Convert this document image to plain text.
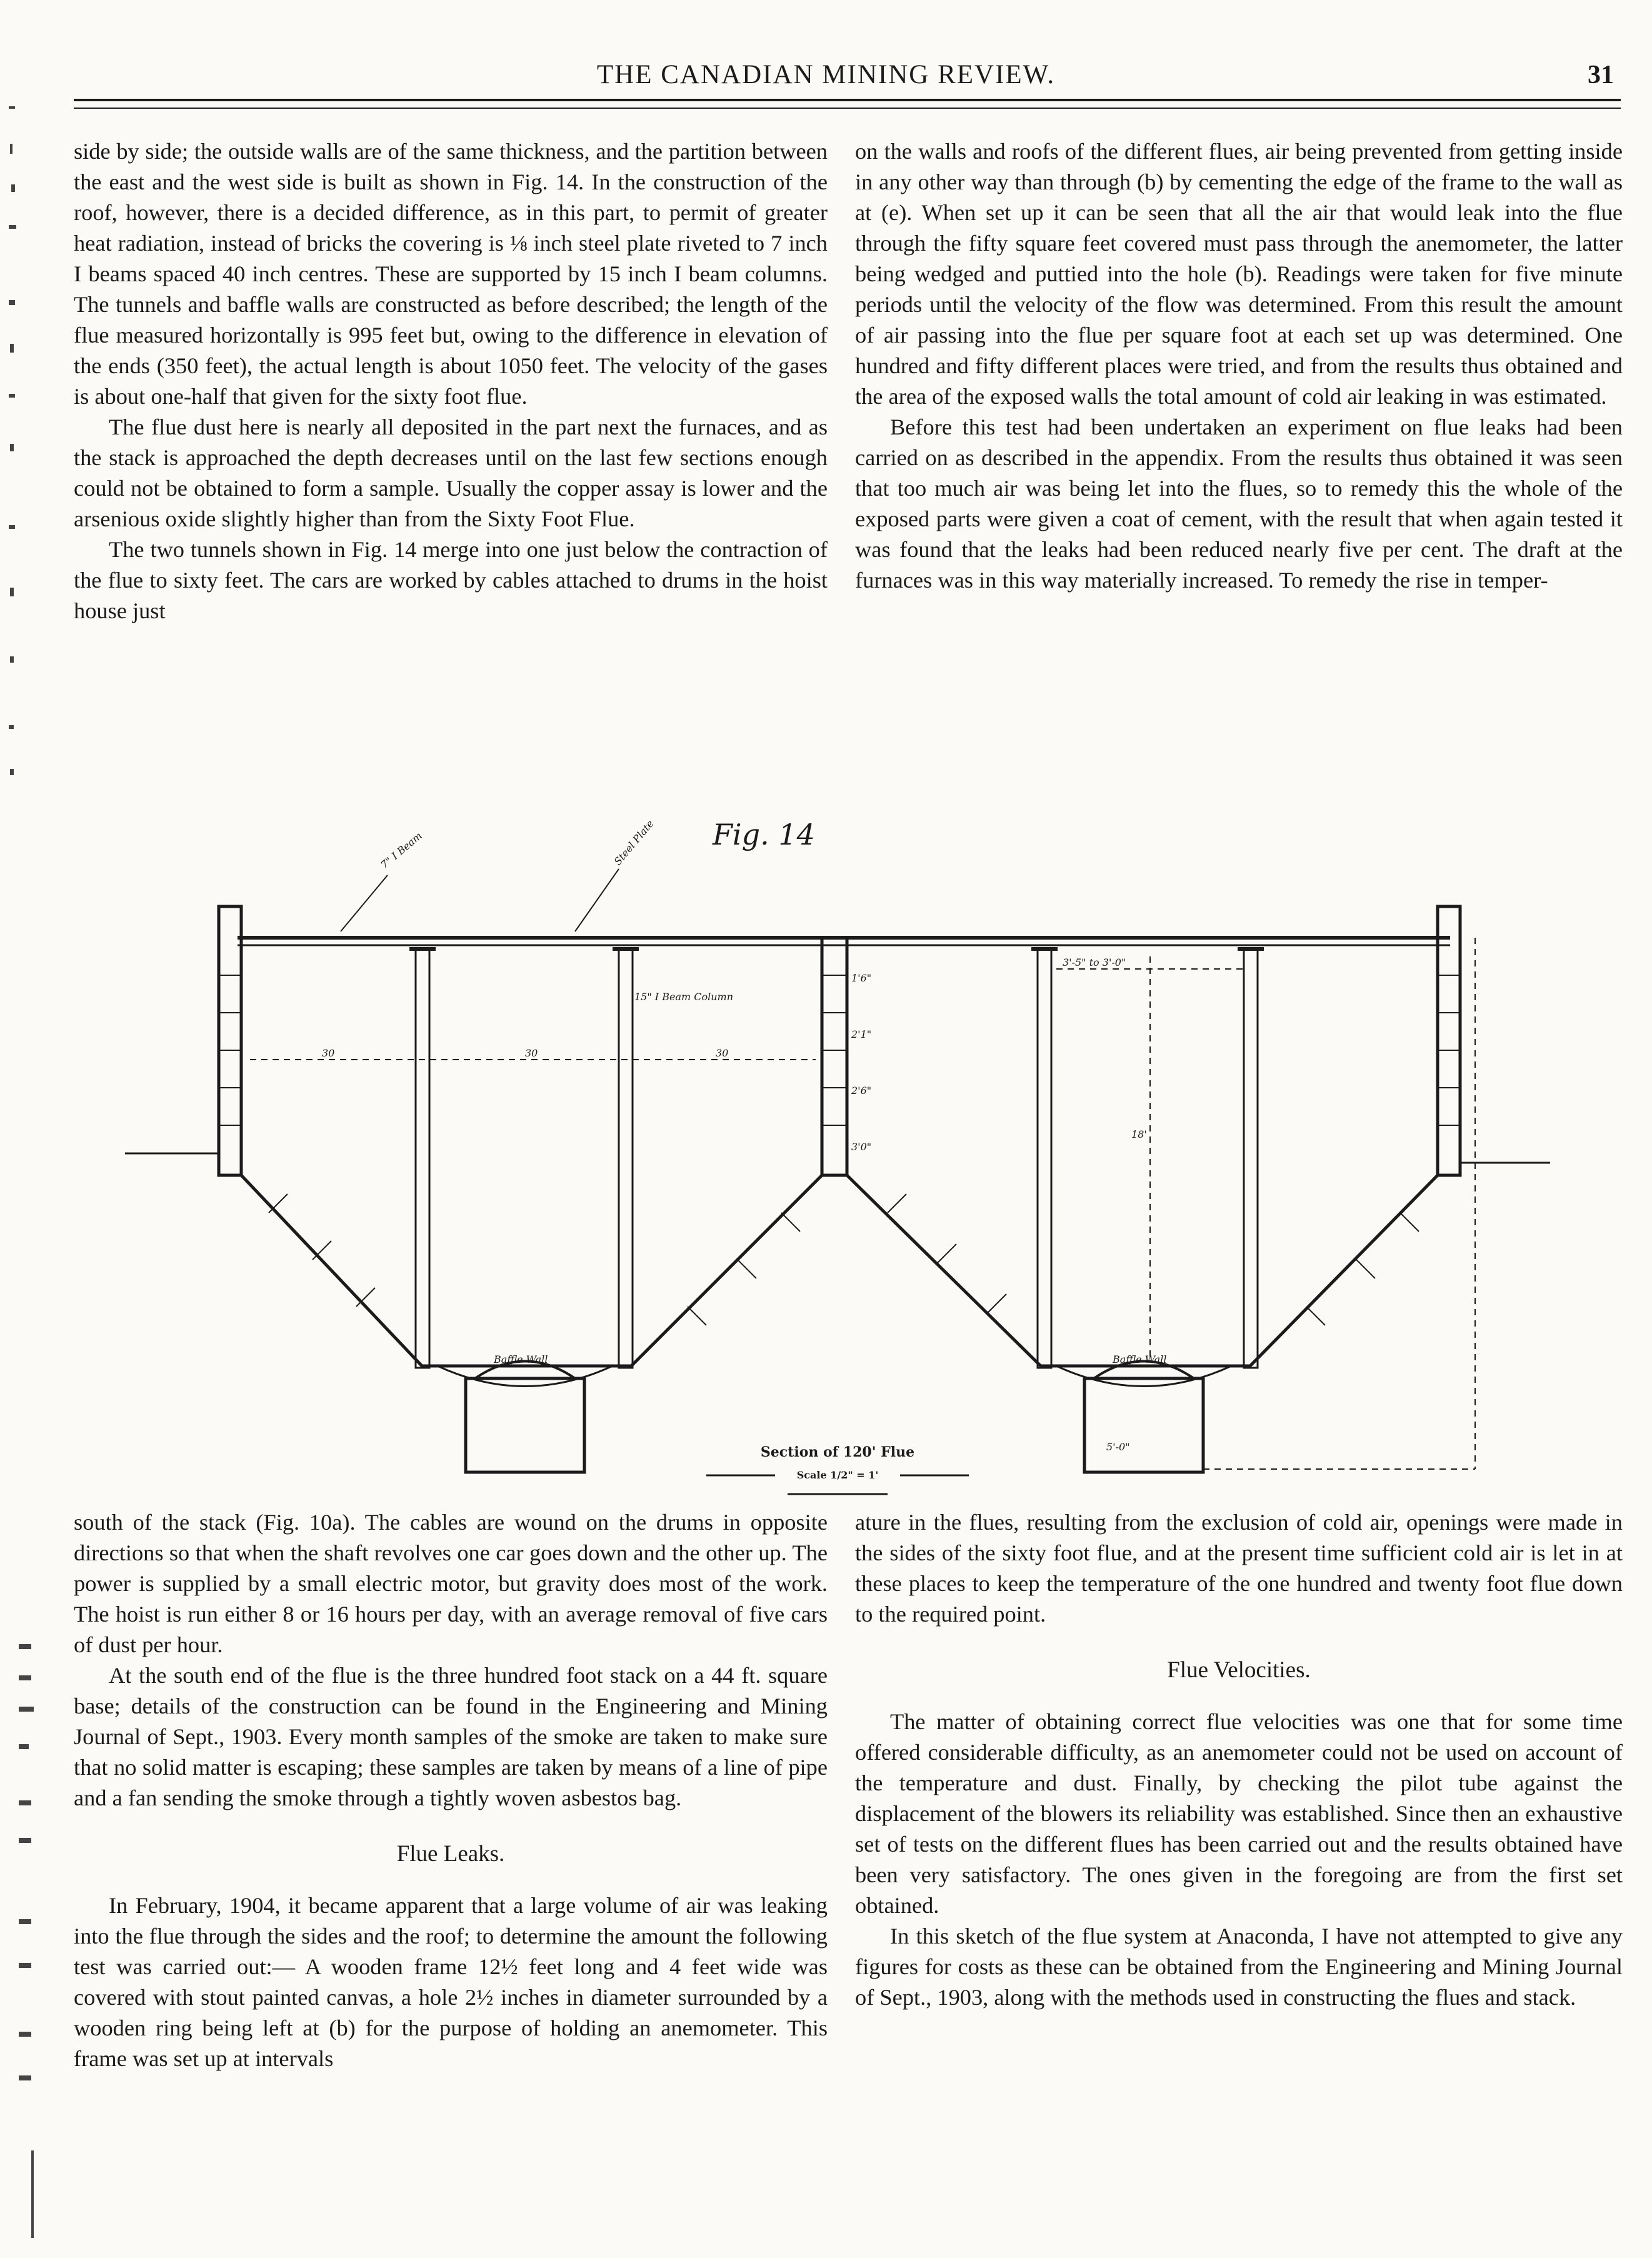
THE CANADIAN MINING REVIEW.	31

side by side; the outside walls are of the same thickness, and the partition between the east and the west side is built as shown in Fig. 14. In the construction of the roof, however, there is a decided difference, as in this part, to permit of greater heat radiation, instead of bricks the covering is ⅛ inch steel plate riveted to 7 inch I beams spaced 40 inch centres. These are supported by 15 inch I beam columns. The tunnels and baffle walls are constructed as before described; the length of the flue measured horizontally is 995 feet but, owing to the difference in elevation of the ends (350 feet), the actual length is about 1050 feet. The velocity of the gases is about one-half that given for the sixty foot flue.

The flue dust here is nearly all deposited in the part next the furnaces, and as the stack is approached the depth decreases until on the last few sections enough could not be obtained to form a sample. Usually the copper assay is lower and the arsenious oxide slightly higher than from the Sixty Foot Flue.

The two tunnels shown in Fig. 14 merge into one just below the contraction of the flue to sixty feet. The cars are worked by cables attached to drums in the hoist house just

on the walls and roofs of the different flues, air being prevented from getting inside in any other way than through (b) by cementing the edge of the frame to the wall as at (e). When set up it can be seen that all the air that would leak into the flue through the fifty square feet covered must pass through the anemometer, the latter being wedged and puttied into the hole (b). Readings were taken for five minute periods until the velocity of the flow was determined. From this result the amount of air passing into the flue per square foot at each set up was determined. One hundred and fifty different places were tried, and from the results thus obtained and the area of the exposed walls the total amount of cold air leaking in was estimated.

Before this test had been undertaken an experiment on flue leaks had been carried on as described in the appendix. From the results thus obtained it was seen that too much air was being let into the flues, so to remedy this the whole of the exposed parts were given a coat of cement, with the result that when again tested it was found that the leaks had been reduced nearly five per cent. The draft at the furnaces was in this way materially increased. To remedy the rise in temper-

Fig. 14
7" I Beam	Steel Plate
15" I Beam Column
30	30	30
1'6"
2'1"
2'6"
3'0"
18'
Baffle Wall	Baffle Wall
3'-5" to 3'-0"
5'-0"
Section of 120' Flue
Scale 1/2" = 1'

south of the stack (Fig. 10a). The cables are wound on the drums in opposite directions so that when the shaft revolves one car goes down and the other up. The power is supplied by a small electric motor, but gravity does most of the work. The hoist is run either 8 or 16 hours per day, with an average removal of five cars of dust per hour.

At the south end of the flue is the three hundred foot stack on a 44 ft. square base; details of the construction can be found in the Engineering and Mining Journal of Sept., 1903. Every month samples of the smoke are taken to make sure that no solid matter is escaping; these samples are taken by means of a line of pipe and a fan sending the smoke through a tightly woven asbestos bag.

Flue Leaks.

In February, 1904, it became apparent that a large volume of air was leaking into the flue through the sides and the roof; to determine the amount the following test was carried out:— A wooden frame 12½ feet long and 4 feet wide was covered with stout painted canvas, a hole 2½ inches in diameter surrounded by a wooden ring being left at (b) for the purpose of holding an anemometer. This frame was set up at intervals

ature in the flues, resulting from the exclusion of cold air, openings were made in the sides of the sixty foot flue, and at the present time sufficient cold air is let in at these places to keep the temperature of the one hundred and twenty foot flue down to the required point.

Flue Velocities.

The matter of obtaining correct flue velocities was one that for some time offered considerable difficulty, as an anemometer could not be used on account of the temperature and dust. Finally, by checking the pilot tube against the displacement of the blowers its reliability was established. Since then an exhaustive set of tests on the different flues has been carried out and the results obtained have been very satisfactory. The ones given in the foregoing are from the first set obtained.

In this sketch of the flue system at Anaconda, I have not attempted to give any figures for costs as these can be obtained from the Engineering and Mining Journal of Sept., 1903, along with the methods used in constructing the flues and stack.
